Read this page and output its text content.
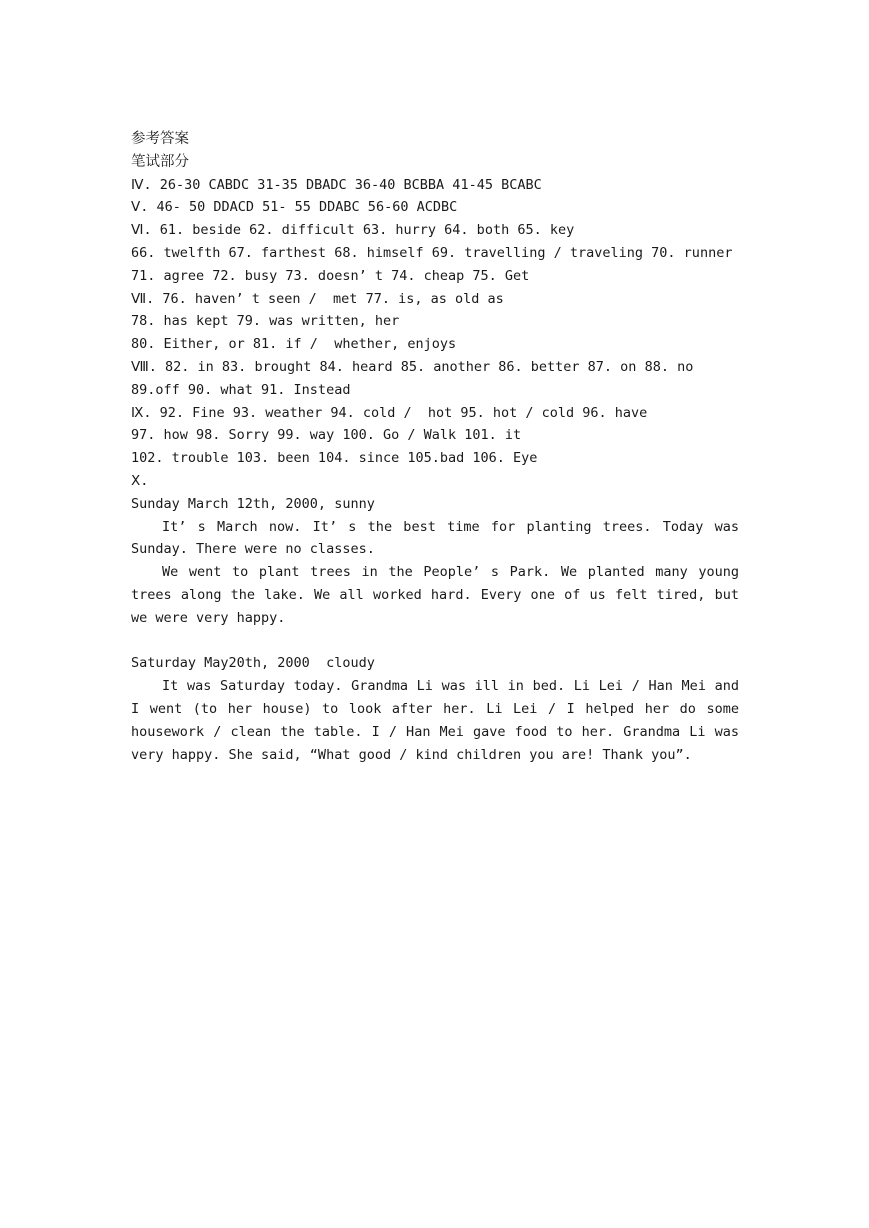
参考答案
笔试部分
Ⅳ. 26-30 CABDC 31-35 DBADC 36-40 BCBBA 41-45 BCABC
Ⅴ. 46- 50 DDACD 51- 55 DDABC 56-60 ACDBC
Ⅵ. 61. beside 62. difficult 63. hurry 64. both 65. key
66. twelfth 67. farthest 68. himself 69. travelling / traveling 70. runner
71. agree 72. busy 73. doesn’ t 74. cheap 75. Get
Ⅶ. 76. haven’ t seen /  met 77. is, as old as
78. has kept 79. was written, her
80. Either, or 81. if /  whether, enjoys
Ⅷ. 82. in 83. brought 84. heard 85. another 86. better 87. on 88. no
89.off 90. what 91. Instead
Ⅸ. 92. Fine 93. weather 94. cold /  hot 95. hot / cold 96. have
97. how 98. Sorry 99. way 100. Go / Walk 101. it
102. trouble 103. been 104. since 105.bad 106. Eye
Ⅹ.
Sunday March 12th, 2000, sunny

It’ s March now. It’ s the best time for planting trees. Today was Sunday. There were no classes.

We went to plant trees in the People’ s Park. We planted many young trees along the lake. We all worked hard. Every one of us felt tired, but we were very happy.

Saturday May20th, 2000  cloudy

It was Saturday today. Grandma Li was ill in bed. Li Lei / Han Mei and I went (to her house) to look after her. Li Lei / I helped her do some housework / clean the table. I / Han Mei gave food to her. Grandma Li was very happy. She said, “What good / kind children you are! Thank you”.
